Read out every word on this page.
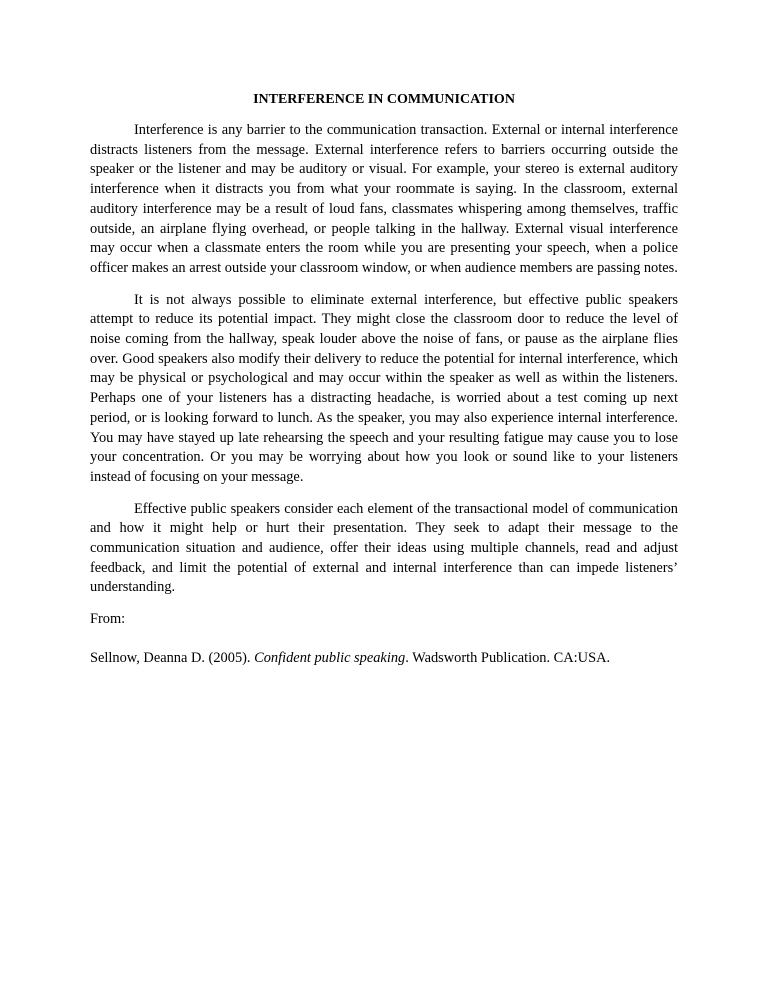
INTERFERENCE IN COMMUNICATION

Interference is any barrier to the communication transaction. External or internal interference distracts listeners from the message. External interference refers to barriers occurring outside the speaker or the listener and may be auditory or visual. For example, your stereo is external auditory interference when it distracts you from what your roommate is saying. In the classroom, external auditory interference may be a result of loud fans, classmates whispering among themselves, traffic outside, an airplane flying overhead, or people talking in the hallway. External visual interference may occur when a classmate enters the room while you are presenting your speech, when a police officer makes an arrest outside your classroom window, or when audience members are passing notes.

It is not always possible to eliminate external interference, but effective public speakers attempt to reduce its potential impact. They might close the classroom door to reduce the level of noise coming from the hallway, speak louder above the noise of fans, or pause as the airplane flies over. Good speakers also modify their delivery to reduce the potential for internal interference, which may be physical or psychological and may occur within the speaker as well as within the listeners. Perhaps one of your listeners has a distracting headache, is worried about a test coming up next period, or is looking forward to lunch. As the speaker, you may also experience internal interference. You may have stayed up late rehearsing the speech and your resulting fatigue may cause you to lose your concentration. Or you may be worrying about how you look or sound like to your listeners instead of focusing on your message.

Effective public speakers consider each element of the transactional model of communication and how it might help or hurt their presentation. They seek to adapt their message to the communication situation and audience, offer their ideas using multiple channels, read and adjust feedback, and limit the potential of external and internal interference than can impede listeners’ understanding.

From:

Sellnow, Deanna D. (2005). Confident public speaking. Wadsworth Publication. CA:USA.
